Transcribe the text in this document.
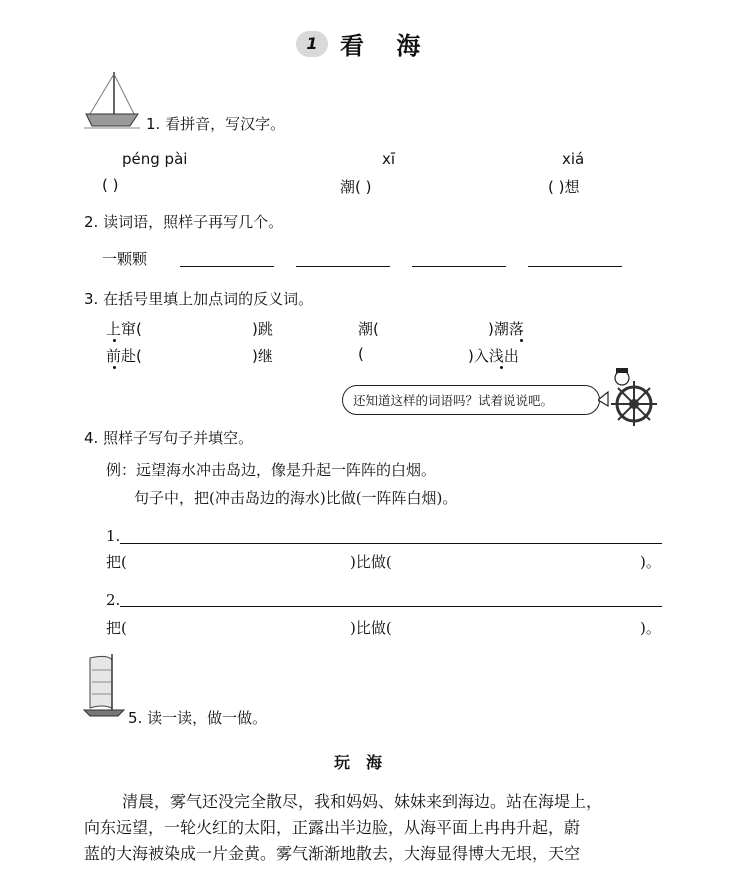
1 看 海
1. 看拼音，写汉字。
péng pài	xī	xiá
( )	潮( )	( )想
2. 读词语，照样子再写几个。
一颗颗
3. 在括号里填上加点词的反义词。
上窜(	)跳	潮(	)潮落
前赴(	)继	(	)入浅出
还知道这样的词语吗？试着说说吧。
4. 照样子写句子并填空。
例：远望海水冲击岛边，像是升起一阵阵的白烟。
句子中，把(冲击岛边的海水)比做(一阵阵白烟)。
1.
把(	)比做(	)。
2.
把(	)比做(	)。
5. 读一读，做一做。
玩　海
清晨，雾气还没完全散尽，我和妈妈、妹妹来到海边。站在海堤上，
向东远望，一轮火红的太阳，正露出半边脸，从海平面上冉冉升起，蔚
蓝的大海被染成一片金黄。雾气渐渐地散去，大海显得博大无垠，天空
